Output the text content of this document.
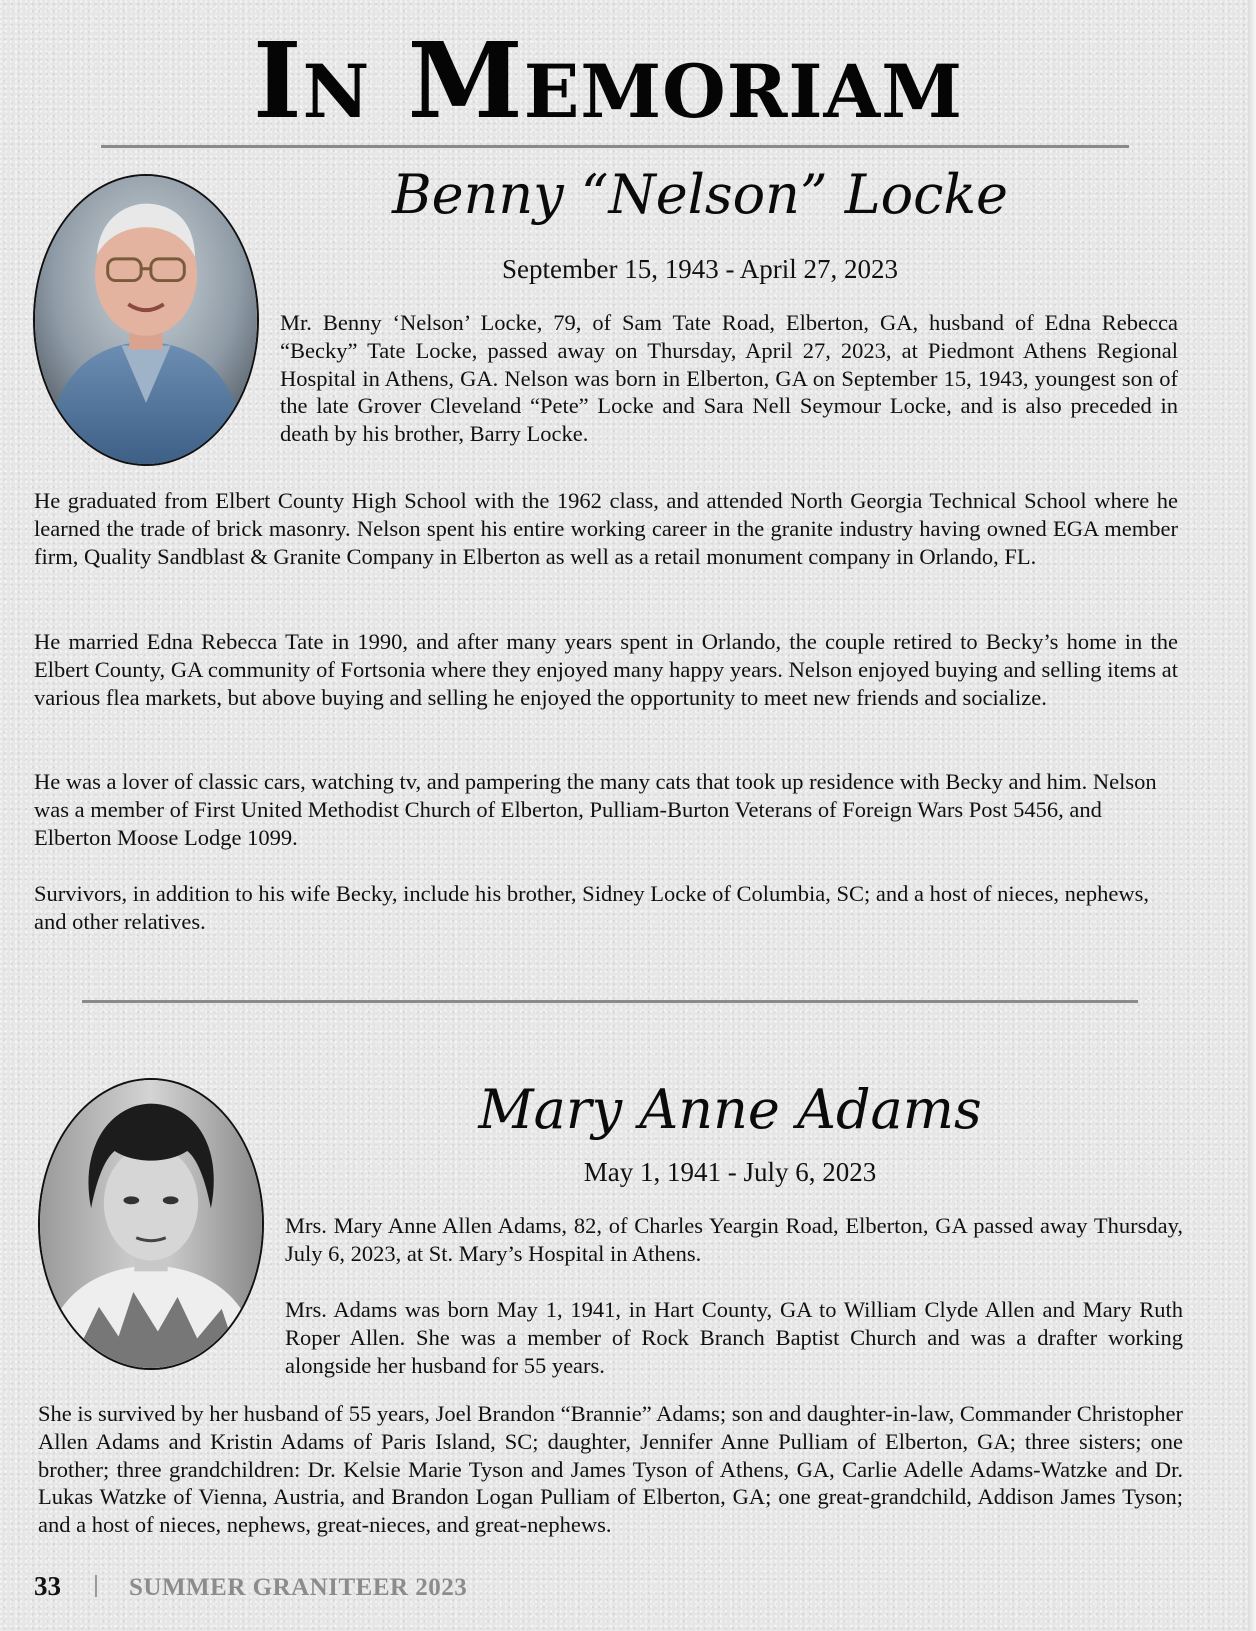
In Memoriam
Benny “Nelson” Locke
September 15, 1943 - April 27, 2023

Mr. Benny ‘Nelson’ Locke, 79, of Sam Tate Road, Elberton, GA, husband of Edna Rebecca “Becky” Tate Locke, passed away on Thursday, April 27, 2023, at Piedmont Athens Regional Hospital in Athens, GA. Nelson was born in Elberton, GA on September 15, 1943, youngest son of the late Grover Cleveland “Pete” Locke and Sara Nell Seymour Locke, and is also preceded in death by his brother, Barry Locke.

He graduated from Elbert County High School with the 1962 class, and attended North Georgia Technical School where he learned the trade of brick masonry. Nelson spent his entire working career in the granite industry having owned EGA member firm, Quality Sandblast & Granite Company in Elberton as well as a retail monument company in Orlando, FL.

He married Edna Rebecca Tate in 1990, and after many years spent in Orlando, the couple retired to Becky’s home in the Elbert County, GA community of Fortsonia where they enjoyed many happy years. Nelson enjoyed buying and selling items at various flea markets, but above buying and selling he enjoyed the opportunity to meet new friends and socialize.

He was a lover of classic cars, watching tv, and pampering the many cats that took up residence with Becky and him. Nelson was a member of First United Methodist Church of Elberton, Pulliam-Burton Veterans of Foreign Wars Post 5456, and Elberton Moose Lodge 1099.

Survivors, in addition to his wife Becky, include his brother, Sidney Locke of Columbia, SC; and a host of nieces, nephews, and other relatives.

Mary Anne Adams
May 1, 1941 - July 6, 2023

Mrs. Mary Anne Allen Adams, 82, of Charles Yeargin Road, Elberton, GA passed away Thursday, July 6, 2023, at St. Mary’s Hospital in Athens.

Mrs. Adams was born May 1, 1941, in Hart County, GA to William Clyde Allen and Mary Ruth Roper Allen. She was a member of Rock Branch Baptist Church and was a drafter working alongside her husband for 55 years.

She is survived by her husband of 55 years, Joel Brandon “Brannie” Adams; son and daughter-in-law, Commander Christopher Allen Adams and Kristin Adams of Paris Island, SC; daughter, Jennifer Anne Pulliam of Elberton, GA; three sisters; one brother; three grandchildren: Dr. Kelsie Marie Tyson and James Tyson of Athens, GA, Carlie Adelle Adams-Watzke and Dr. Lukas Watzke of Vienna, Austria, and Brandon Logan Pulliam of Elberton, GA; one great-grandchild, Addison James Tyson; and a host of nieces, nephews, great-nieces, and great-nephews.

33	SUMMER GRANITEER 2023
